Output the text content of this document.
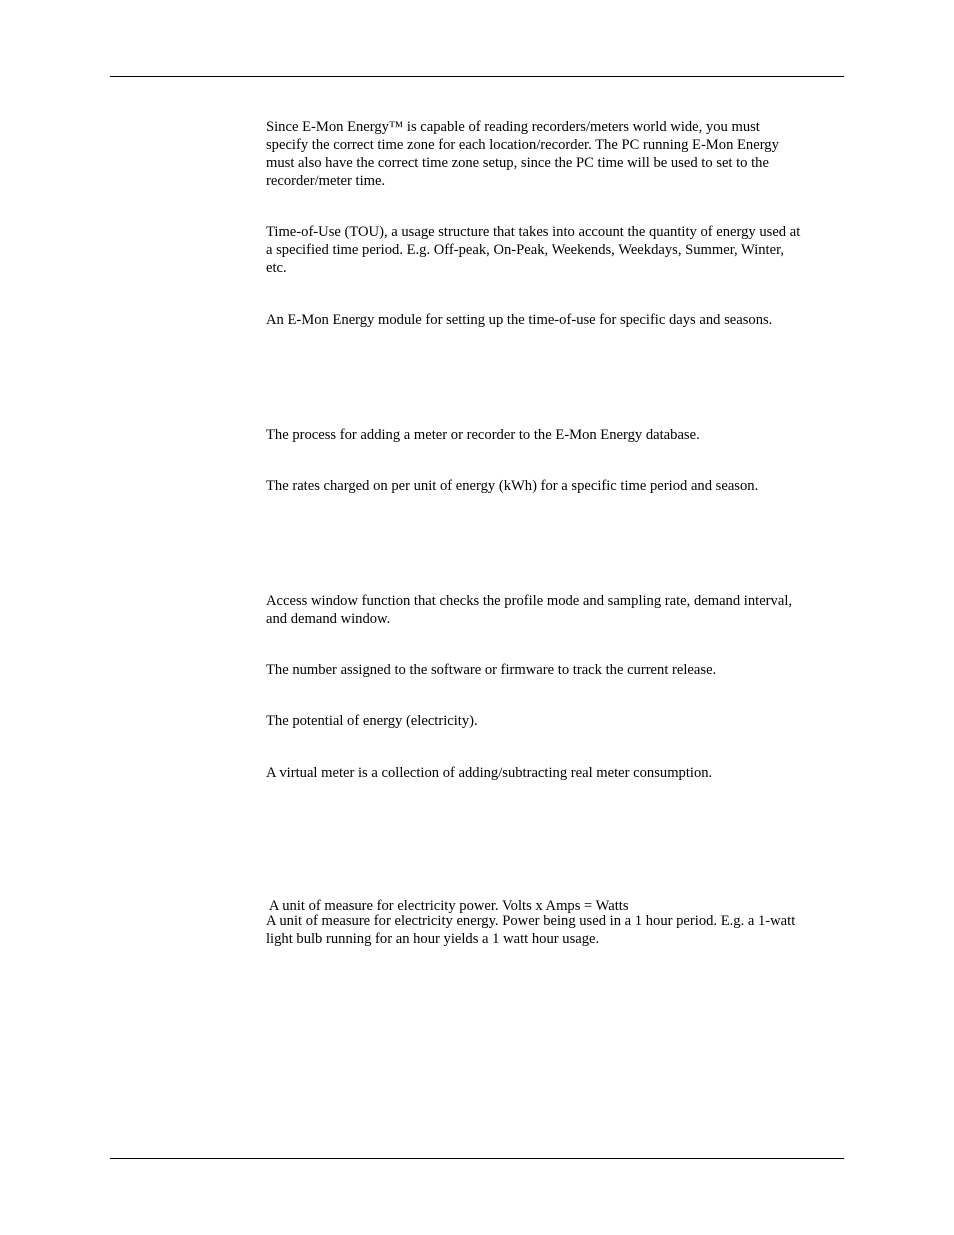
Since E-Mon Energy™ is capable of reading recorders/meters world wide, you must
specify the correct time zone for each location/recorder. The PC running E-Mon Energy
must also have the correct time zone setup, since the PC time will be used to set to the
recorder/meter time.

Time-of-Use (TOU), a usage structure that takes into account the quantity of energy used at
a specified time period. E.g. Off-peak, On-Peak, Weekends, Weekdays, Summer, Winter,
etc.

An E-Mon Energy module for setting up the time-of-use for specific days and seasons.

The process for adding a meter or recorder to the E-Mon Energy database.

The rates charged on per unit of energy (kWh) for a specific time period and season.

Access window function that checks the profile mode and sampling rate, demand interval,
and demand window.

The number assigned to the software or firmware to track the current release.

The potential of energy (electricity).

A virtual meter is a collection of adding/subtracting real meter consumption.

A unit of measure for electricity power. Volts x Amps = Watts

A unit of measure for electricity energy. Power being used in a 1 hour period. E.g. a 1-watt
light bulb running for an hour yields a 1 watt hour usage.
